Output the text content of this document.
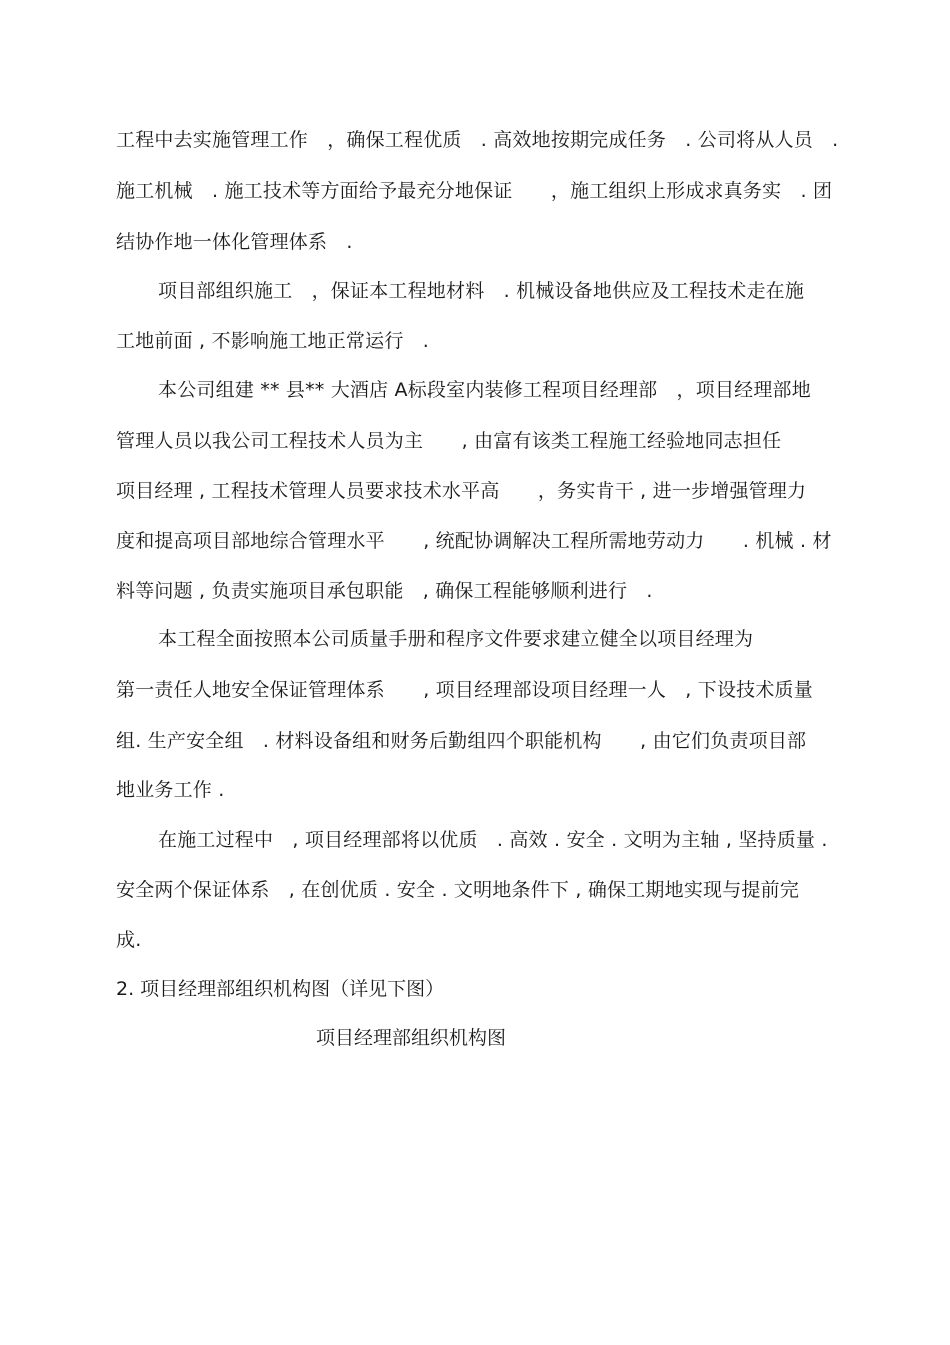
工程中去实施管理工作　，确保工程优质　. 高效地按期完成任务　. 公司将从人员　.
施工机械　. 施工技术等方面给予最充分地保证　　，施工组织上形成求真务实　. 团
结协作地一体化管理体系　.
项目部组织施工　，保证本工程地材料　. 机械设备地供应及工程技术走在施
工地前面 , 不影响施工地正常运行　.
本公司组建 ** 县** 大酒店 A标段室内装修工程项目经理部　，项目经理部地
管理人员以我公司工程技术人员为主　　, 由富有该类工程施工经验地同志担任
项目经理 , 工程技术管理人员要求技术水平高　　，务实肯干 , 进一步增强管理力
度和提高项目部地综合管理水平　　, 统配协调解决工程所需地劳动力　　. 机械 . 材
料等问题 , 负责实施项目承包职能　, 确保工程能够顺利进行　.
本工程全面按照本公司质量手册和程序文件要求建立健全以项目经理为
第一责任人地安全保证管理体系　　, 项目经理部设项目经理一人　, 下设技术质量
组. 生产安全组　. 材料设备组和财务后勤组四个职能机构　　, 由它们负责项目部
地业务工作 .
在施工过程中　, 项目经理部将以优质　. 高效 . 安全 . 文明为主轴 , 坚持质量 .
安全两个保证体系　, 在创优质 . 安全 . 文明地条件下 , 确保工期地实现与提前完
成.
2. 项目经理部组织机构图（详见下图）
项目经理部组织机构图
